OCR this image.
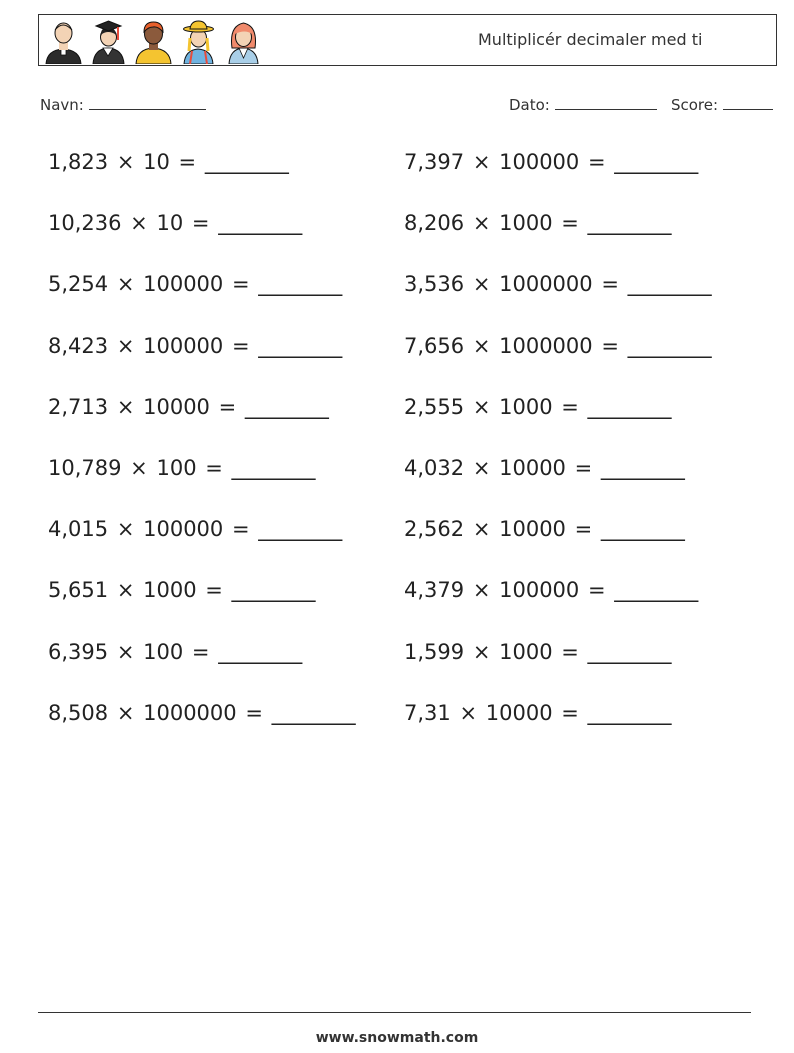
Multiplicér decimaler med ti
Navn:	Dato:	Score:
1,823 × 10 = ________	7,397 × 100000 = ________
10,236 × 10 = ________	8,206 × 1000 = ________
5,254 × 100000 = ________	3,536 × 1000000 = ________
8,423 × 100000 = ________	7,656 × 1000000 = ________
2,713 × 10000 = ________	2,555 × 1000 = ________
10,789 × 100 = ________	4,032 × 10000 = ________
4,015 × 100000 = ________	2,562 × 10000 = ________
5,651 × 1000 = ________	4,379 × 100000 = ________
6,395 × 100 = ________	1,599 × 1000 = ________
8,508 × 1000000 = ________ 7,31 × 10000 = ________
www.snowmath.com
